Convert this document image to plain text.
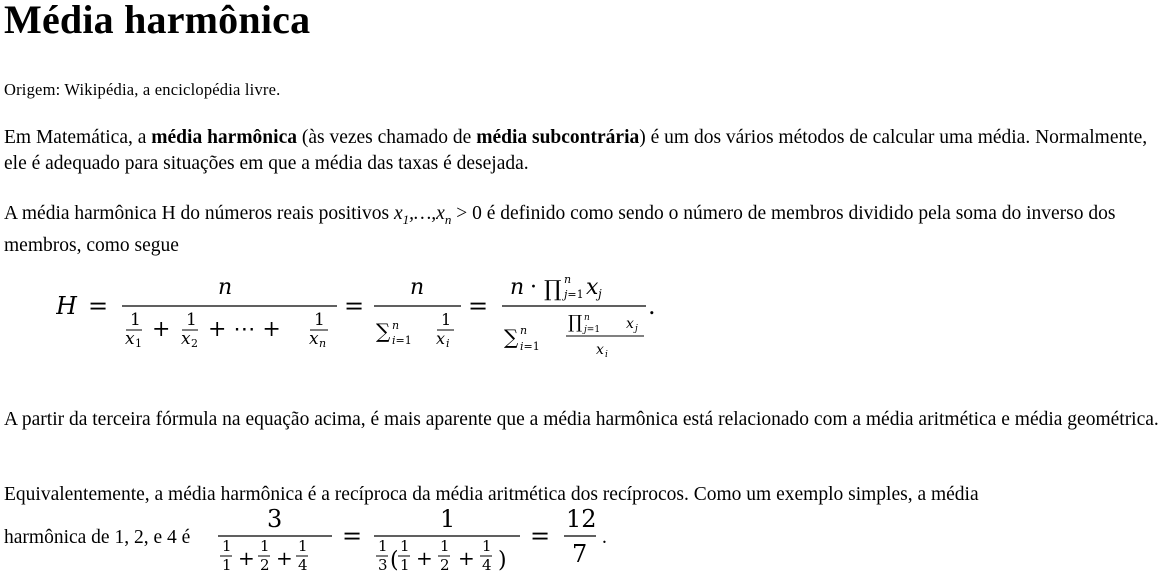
Média harmônica
Origem: Wikipédia, a enciclopédia livre.

Em Matemática, a média harmônica (às vezes chamado de média subcontrária) é um dos vários métodos de calcular uma média. Normalmente, ele é adequado para situações em que a média das taxas é desejada.

A média harmônica H do números reais positivos $x_1,\dots,x_n > 0$ é definido como sendo o número de membros dividido pela soma do inverso dos membros, como segue

H =
n
1
x 1
+ 1
x 2
+ ⋯ + 1
x n
=
n
∑ n
i=1
1
x i
=
n · ∏ n
j=1 x j
∑ n
i=1
∏ n
j=1 x j
x i
.

A partir da terceira fórmula na equação acima, é mais aparente que a média harmônica está relacionado com a média aritmética e média geométrica.

Equivalentemente, a média harmônica é a recíproca da média aritmética dos recíprocos. Como um exemplo simples, a média

harmônica de 1, 2, e 4 é
3
1
1 + 1
2 + 1
4
=
1
1
3 (
1
1 + 1
2 + 1
4 )
=
12
7
.
